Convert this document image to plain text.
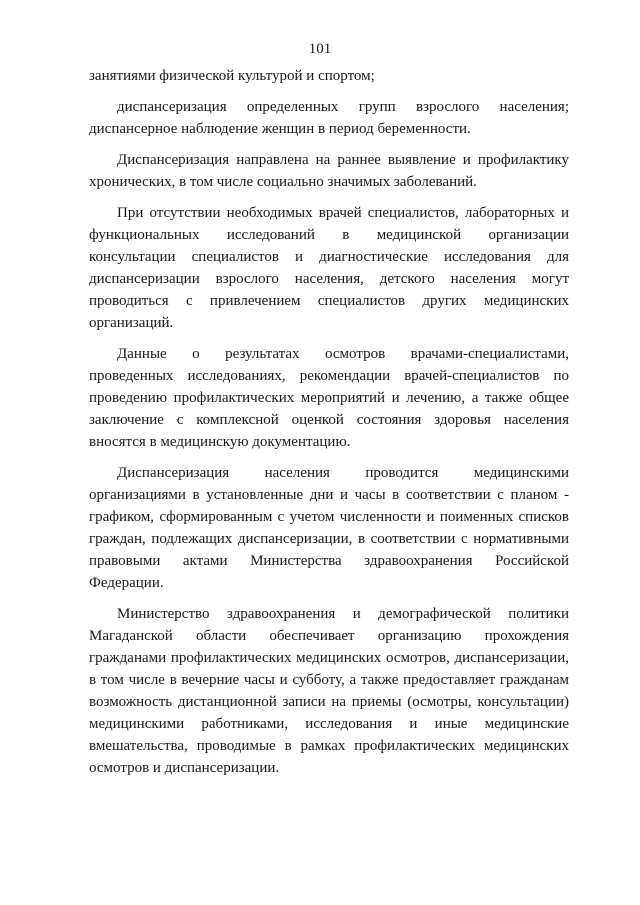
101
занятиями физической культурой и спортом;
диспансеризация определенных групп взрослого населения;
диспансерное наблюдение женщин в период беременности.
Диспансеризация направлена на раннее выявление и профилактику
хронических, в том числе социально значимых заболеваний.
При отсутствии необходимых врачей специалистов, лабораторных и
функциональных исследований в медицинской организации
консультации специалистов и диагностические исследования для
диспансеризации взрослого населения, детского населения могут
проводиться с привлечением специалистов других медицинских
организаций.
Данные о результатах осмотров врачами-специалистами,
проведенных исследованиях, рекомендации врачей-специалистов по
проведению профилактических мероприятий и лечению, а также общее
заключение с комплексной оценкой состояния здоровья населения
вносятся в медицинскую документацию.
Диспансеризация населения проводится медицинскими
организациями в установленные дни и часы в соответствии с планом -
графиком, сформированным с учетом численности и поименных списков
граждан, подлежащих диспансеризации, в соответствии с нормативными
правовыми актами Министерства здравоохранения Российской
Федерации.
Министерство здравоохранения и демографической политики
Магаданской области обеспечивает организацию прохождения
гражданами профилактических медицинских осмотров, диспансеризации,
в том числе в вечерние часы и субботу, а также предоставляет гражданам
возможность дистанционной записи на приемы (осмотры, консультации)
медицинскими работниками, исследования и иные медицинские
вмешательства, проводимые в рамках профилактических медицинских
осмотров и диспансеризации.
